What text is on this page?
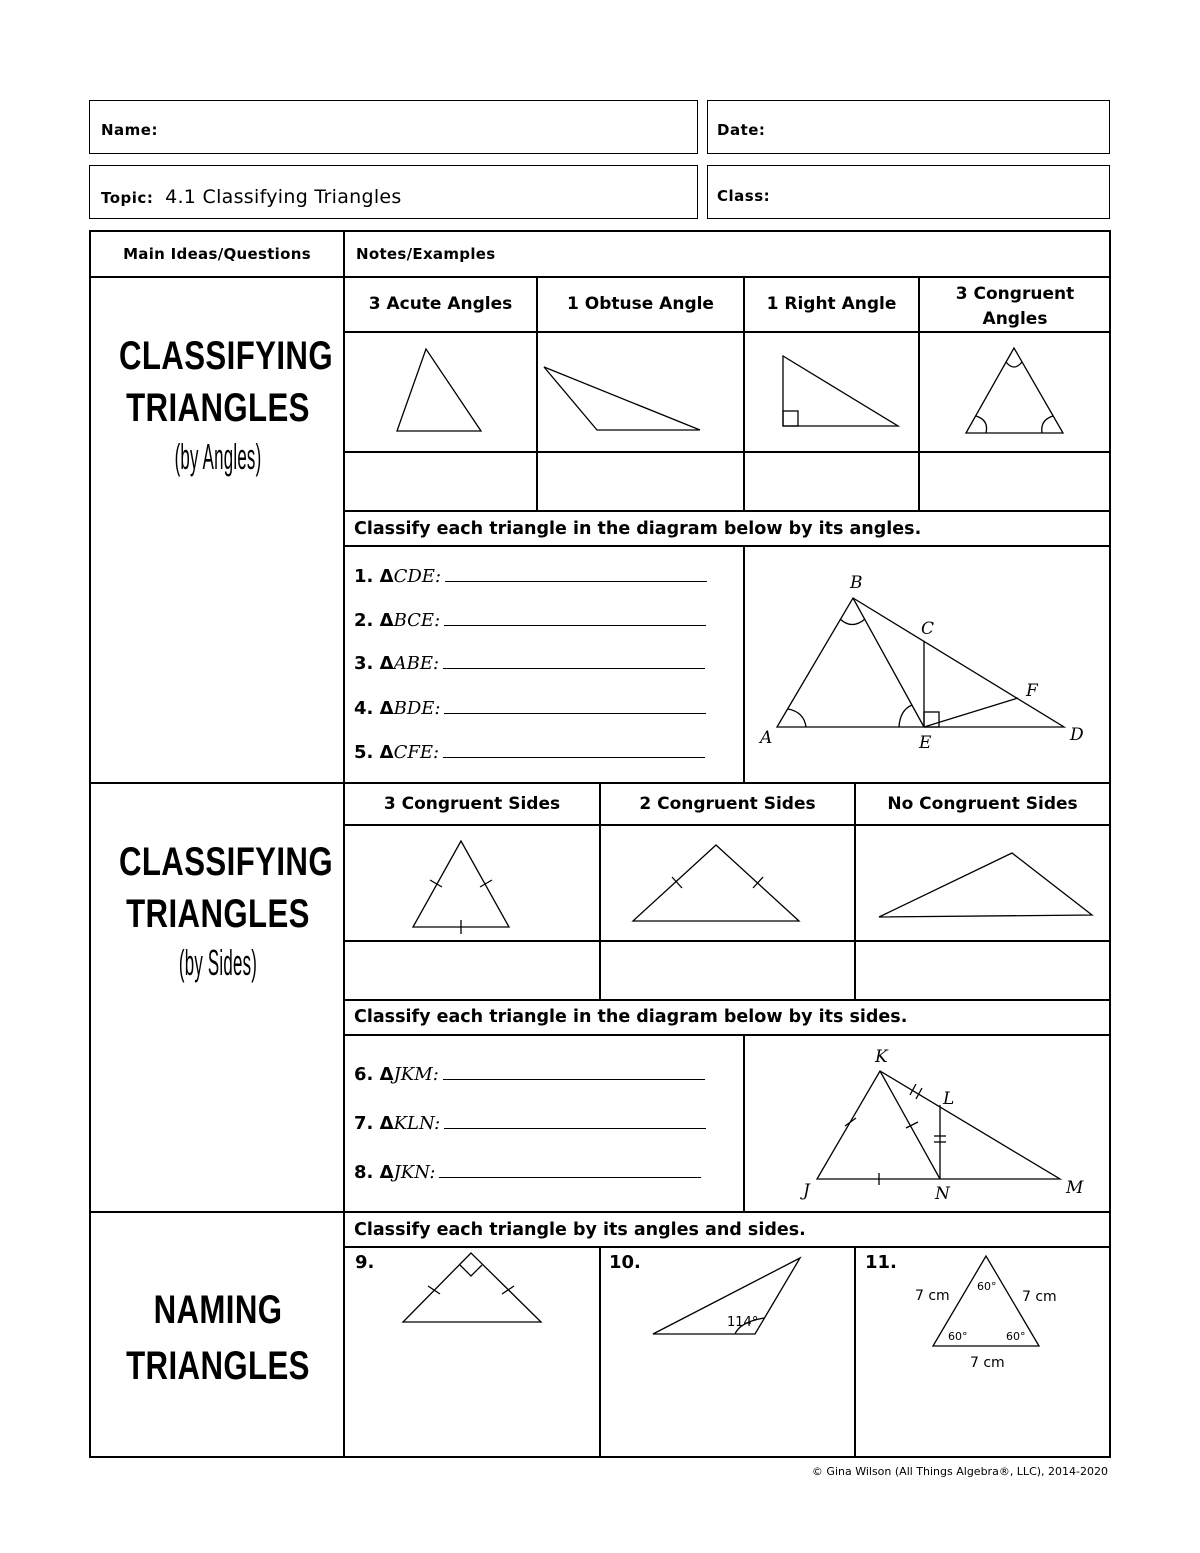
Name:	Date:
Topic: 4.1 Classifying Triangles	Class:
Main Ideas/Questions	Notes/Examples
CLASSIFYING
TRIANGLES
(by Angles)
3 Acute Angles	1 Obtuse Angle	1 Right Angle	3 Congruent Angles
Classify each triangle in the diagram below by its angles.
1. ΔCDE:
2. ΔBCE:
3. ΔABE:
4. ΔBDE:
5. ΔCFE:
CLASSIFYING
TRIANGLES
(by Sides)
3 Congruent Sides	2 Congruent Sides	No Congruent Sides
Classify each triangle in the diagram below by its sides.
6. ΔJKM:
7. ΔKLN:
8. ΔJKN:
NAMING
TRIANGLES
Classify each triangle by its angles and sides.
9.	10.	11.
B
C
F
A	E	D
K
L
J	N	M
114°
7 cm	7 cm
7 cm
60°
60°	60°
© Gina Wilson (All Things Algebra®, LLC), 2014-2020
